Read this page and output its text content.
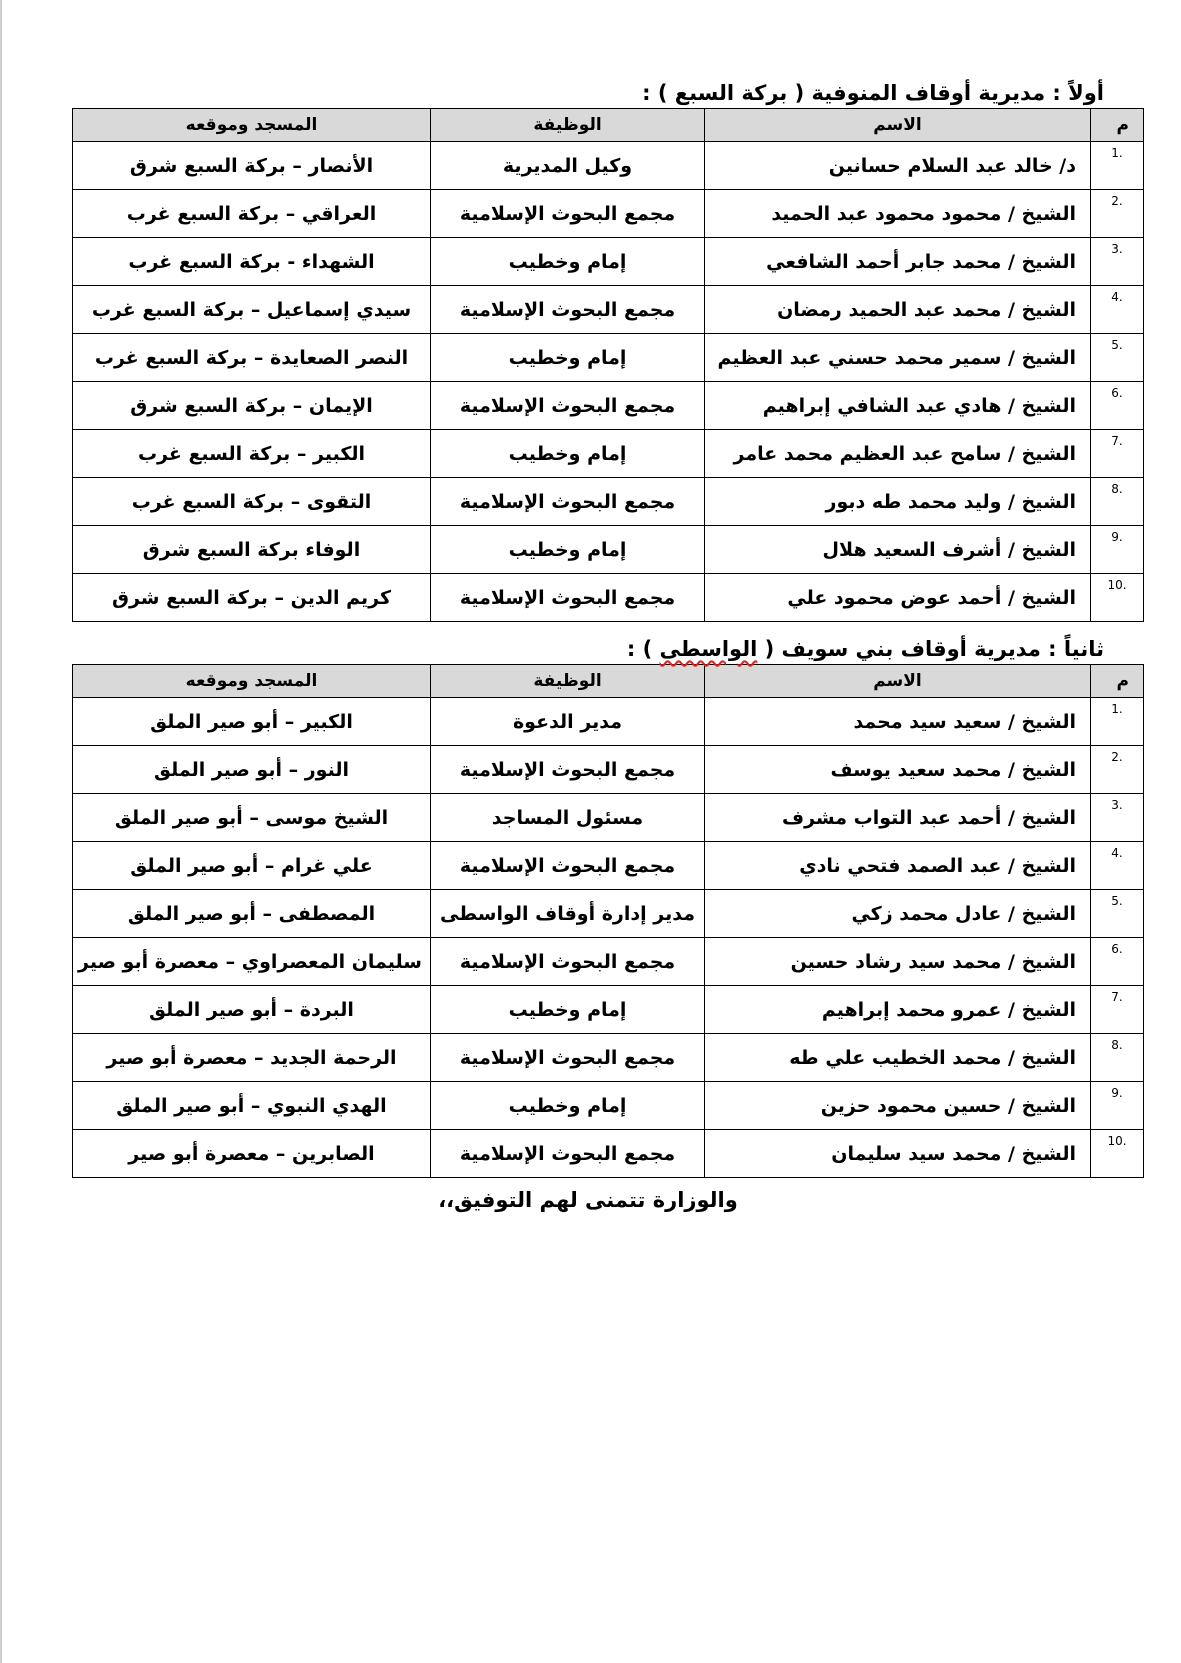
أولاً : مديرية أوقاف المنوفية ( بركة السبع ) :
م	الاسم	الوظيفة	المسجد وموقعه
1.	د/ خالد عبد السلام حسانين	وكيل المديرية	الأنصار – بركة السبع شرق
2.	الشيخ / محمود محمود عبد الحميد	مجمع البحوث الإسلامية	العراقي – بركة السبع غرب
3.	الشيخ / محمد جابر أحمد الشافعي	إمام وخطيب	الشهداء - بركة السبع غرب
4.	الشيخ / محمد عبد الحميد رمضان	مجمع البحوث الإسلامية	سيدي إسماعيل – بركة السبع غرب
5.	الشيخ / سمير محمد حسني عبد العظيم	إمام وخطيب	النصر الصعايدة – بركة السبع غرب
6.	الشيخ / هادي عبد الشافي إبراهيم	مجمع البحوث الإسلامية	الإيمان – بركة السبع شرق
7.	الشيخ / سامح عبد العظيم محمد عامر	إمام وخطيب	الكبير – بركة السبع غرب
8.	الشيخ / وليد محمد طه دبور	مجمع البحوث الإسلامية	التقوى – بركة السبع غرب
9.	الشيخ / أشرف السعيد هلال	إمام وخطيب	الوفاء بركة السبع شرق
10.	الشيخ / أحمد عوض محمود علي	مجمع البحوث الإسلامية	كريم الدين – بركة السبع شرق
ثانياً : مديرية أوقاف بني سويف ( الواسطى ) :
م	الاسم	الوظيفة	المسجد وموقعه
1.	الشيخ / سعيد سيد محمد	مدير الدعوة	الكبير – أبو صير الملق
2.	الشيخ / محمد سعيد يوسف	مجمع البحوث الإسلامية	النور – أبو صير الملق
3.	الشيخ / أحمد عبد التواب مشرف	مسئول المساجد	الشيخ موسى – أبو صير الملق
4.	الشيخ / عبد الصمد فتحي نادي	مجمع البحوث الإسلامية	علي غرام – أبو صير الملق
5.	الشيخ / عادل محمد زكي	مدير إدارة أوقاف الواسطى	المصطفى – أبو صير الملق
6.	الشيخ / محمد سيد رشاد حسين	مجمع البحوث الإسلامية	سليمان المعصراوي – معصرة أبو صير
7.	الشيخ / عمرو محمد إبراهيم	إمام وخطيب	البردة – أبو صير الملق
8.	الشيخ / محمد الخطيب علي طه	مجمع البحوث الإسلامية	الرحمة الجديد – معصرة أبو صير
9.	الشيخ / حسين محمود حزين	إمام وخطيب	الهدي النبوي – أبو صير الملق
10.	الشيخ / محمد سيد سليمان	مجمع البحوث الإسلامية	الصابرين – معصرة أبو صير
والوزارة تتمنى لهم التوفيق،،
